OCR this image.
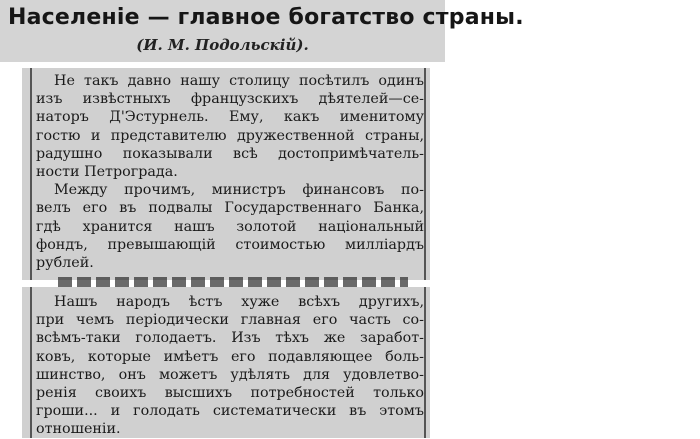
Населенiе — главное богатство страны.
(И. М. Подольскiй).
Не такъ давно нашу столицу посѣтилъ одинъ
изъ извѣстныхъ французскихъ дѣятелей—се-
наторъ Д'Эстурнель. Ему, какъ именитому
гостю и представителю дружественной страны,
радушно показывали всѣ достопримѣчатель-
ности Петрограда.
Между прочимъ, министръ финансовъ по-
велъ его въ подвалы Государственнаго Банка,
гдѣ хранится нашъ золотой нацiональный
фондъ, превышающiй стоимостью миллiардъ
рублей.
Нашъ народъ ѣстъ хуже всѣхъ другихъ,
при чемъ перiодически главная его часть со-
всѣмъ-таки голодаетъ. Изъ тѣхъ же заработ-
ковъ, которые имѣетъ его подавляющее боль-
шинство, онъ можетъ удѣлять для удовлетво-
ренiя своихъ высшихъ потребностей только
гроши... и голодать систематически въ этомъ
отношенiи.
